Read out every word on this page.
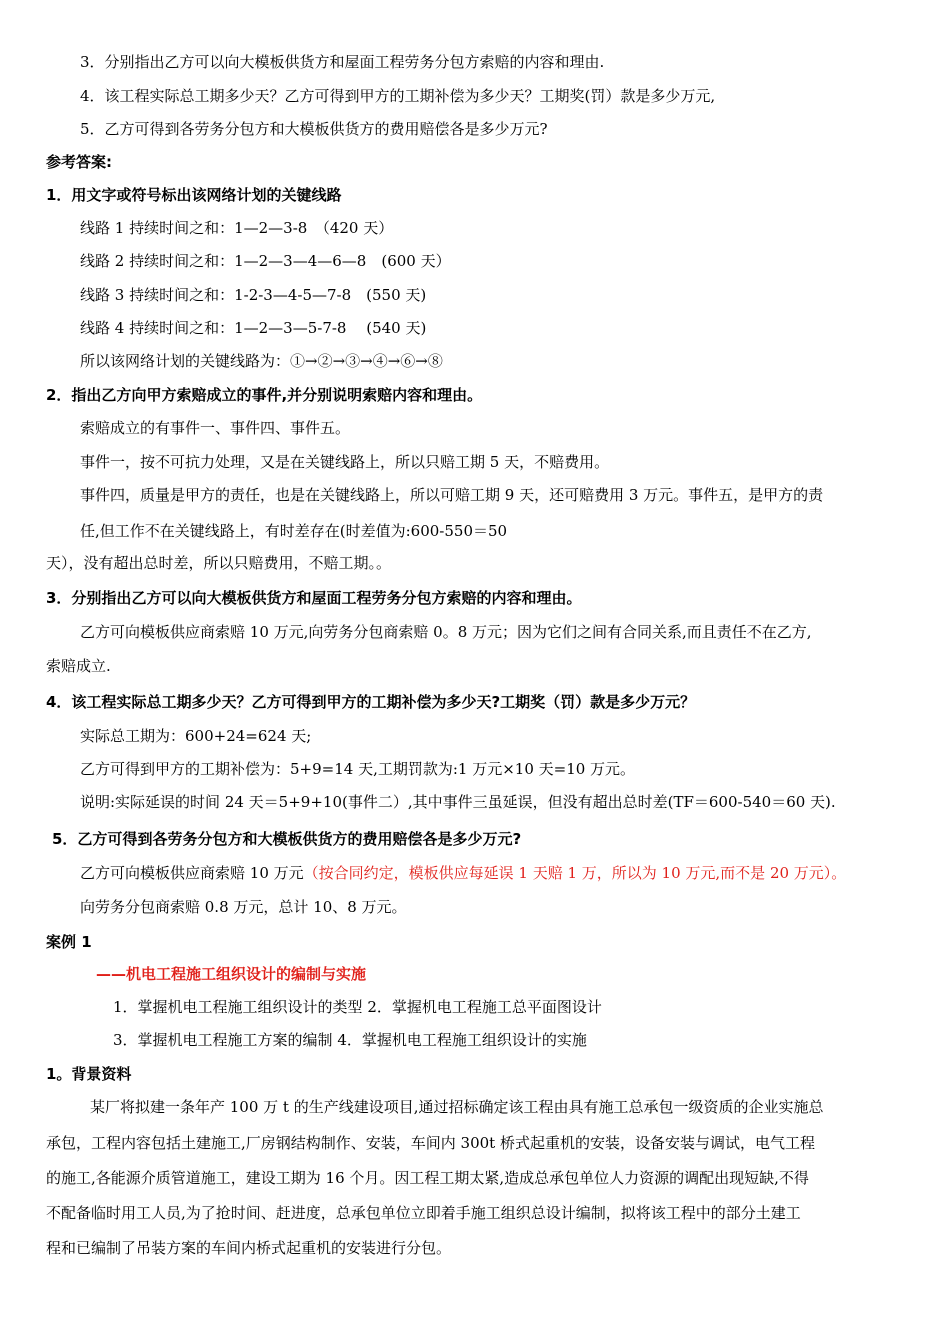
3．分别指出乙方可以向大模板供货方和屋面工程劳务分包方索赔的内容和理由.
4．该工程实际总工期多少天？乙方可得到甲方的工期补偿为多少天？工期奖(罚）款是多少万元,
5．乙方可得到各劳务分包方和大模板供货方的费用赔偿各是多少万元?
参考答案:
1．用文字或符号标出该网络计划的关键线路
线路 1 持续时间之和：1—2—3-8　（420 天）
线路 2 持续时间之和：1—2—3—4—6—8　(600 天）
线路 3 持续时间之和：1-2-3—4-5—7-8　(550 天)
线路 4 持续时间之和：1—2—3—5-7-8　 (540 天)
所以该网络计划的关键线路为：①→②→③→④→⑥→⑧
2．指出乙方向甲方索赔成立的事件,并分别说明索赔内容和理由。
索赔成立的有事件一、事件四、事件五。
事件一，按不可抗力处理，又是在关键线路上，所以只赔工期 5 天，不赔费用。
事件四，质量是甲方的责任，也是在关键线路上，所以可赔工期 9 天，还可赔费用 3 万元。事件五，是甲方的责
任,但工作不在关键线路上，有时差存在(时差值为:600-550＝50
天），没有超出总时差，所以只赔费用，不赔工期。。
3．分别指出乙方可以向大模板供货方和屋面工程劳务分包方索赔的内容和理由。
乙方可向模板供应商索赔 10 万元,向劳务分包商索赔 0。8 万元；因为它们之间有合同关系,而且责任不在乙方,
索赔成立.
4．该工程实际总工期多少天？乙方可得到甲方的工期补偿为多少天?工期奖（罚）款是多少万元？
实际总工期为：600+24=624 天;
乙方可得到甲方的工期补偿为：5+9=14 天,工期罚款为:1 万元×10 天=10 万元。
说明:实际延误的时间 24 天＝5+9+10(事件二）,其中事件三虽延误，但没有超出总时差(TF＝600-540＝60 天).
5．乙方可得到各劳务分包方和大模板供货方的费用赔偿各是多少万元?
乙方可向模板供应商索赔 10 万元（按合同约定，模板供应每延误 1 天赔 1 万，所以为 10 万元,而不是 20 万元）。
向劳务分包商索赔 0.8 万元，总计 10、8 万元。
案例 1
——机电工程施工组织设计的编制与实施
1．掌握机电工程施工组织设计的类型 2．掌握机电工程施工总平面图设计
3．掌握机电工程施工方案的编制 4．掌握机电工程施工组织设计的实施
1。背景资料
某厂将拟建一条年产 100 万 t 的生产线建设项目,通过招标确定该工程由具有施工总承包一级资质的企业实施总
承包，工程内容包括土建施工,厂房钢结构制作、安装，车间内 300t 桥式起重机的安装，设备安装与调试，电气工程
的施工,各能源介质管道施工，建设工期为 16 个月。因工程工期太紧,造成总承包单位人力资源的调配出现短缺,不得
不配备临时用工人员,为了抢时间、赶进度，总承包单位立即着手施工组织总设计编制，拟将该工程中的部分土建工
程和已编制了吊装方案的车间内桥式起重机的安装进行分包。
